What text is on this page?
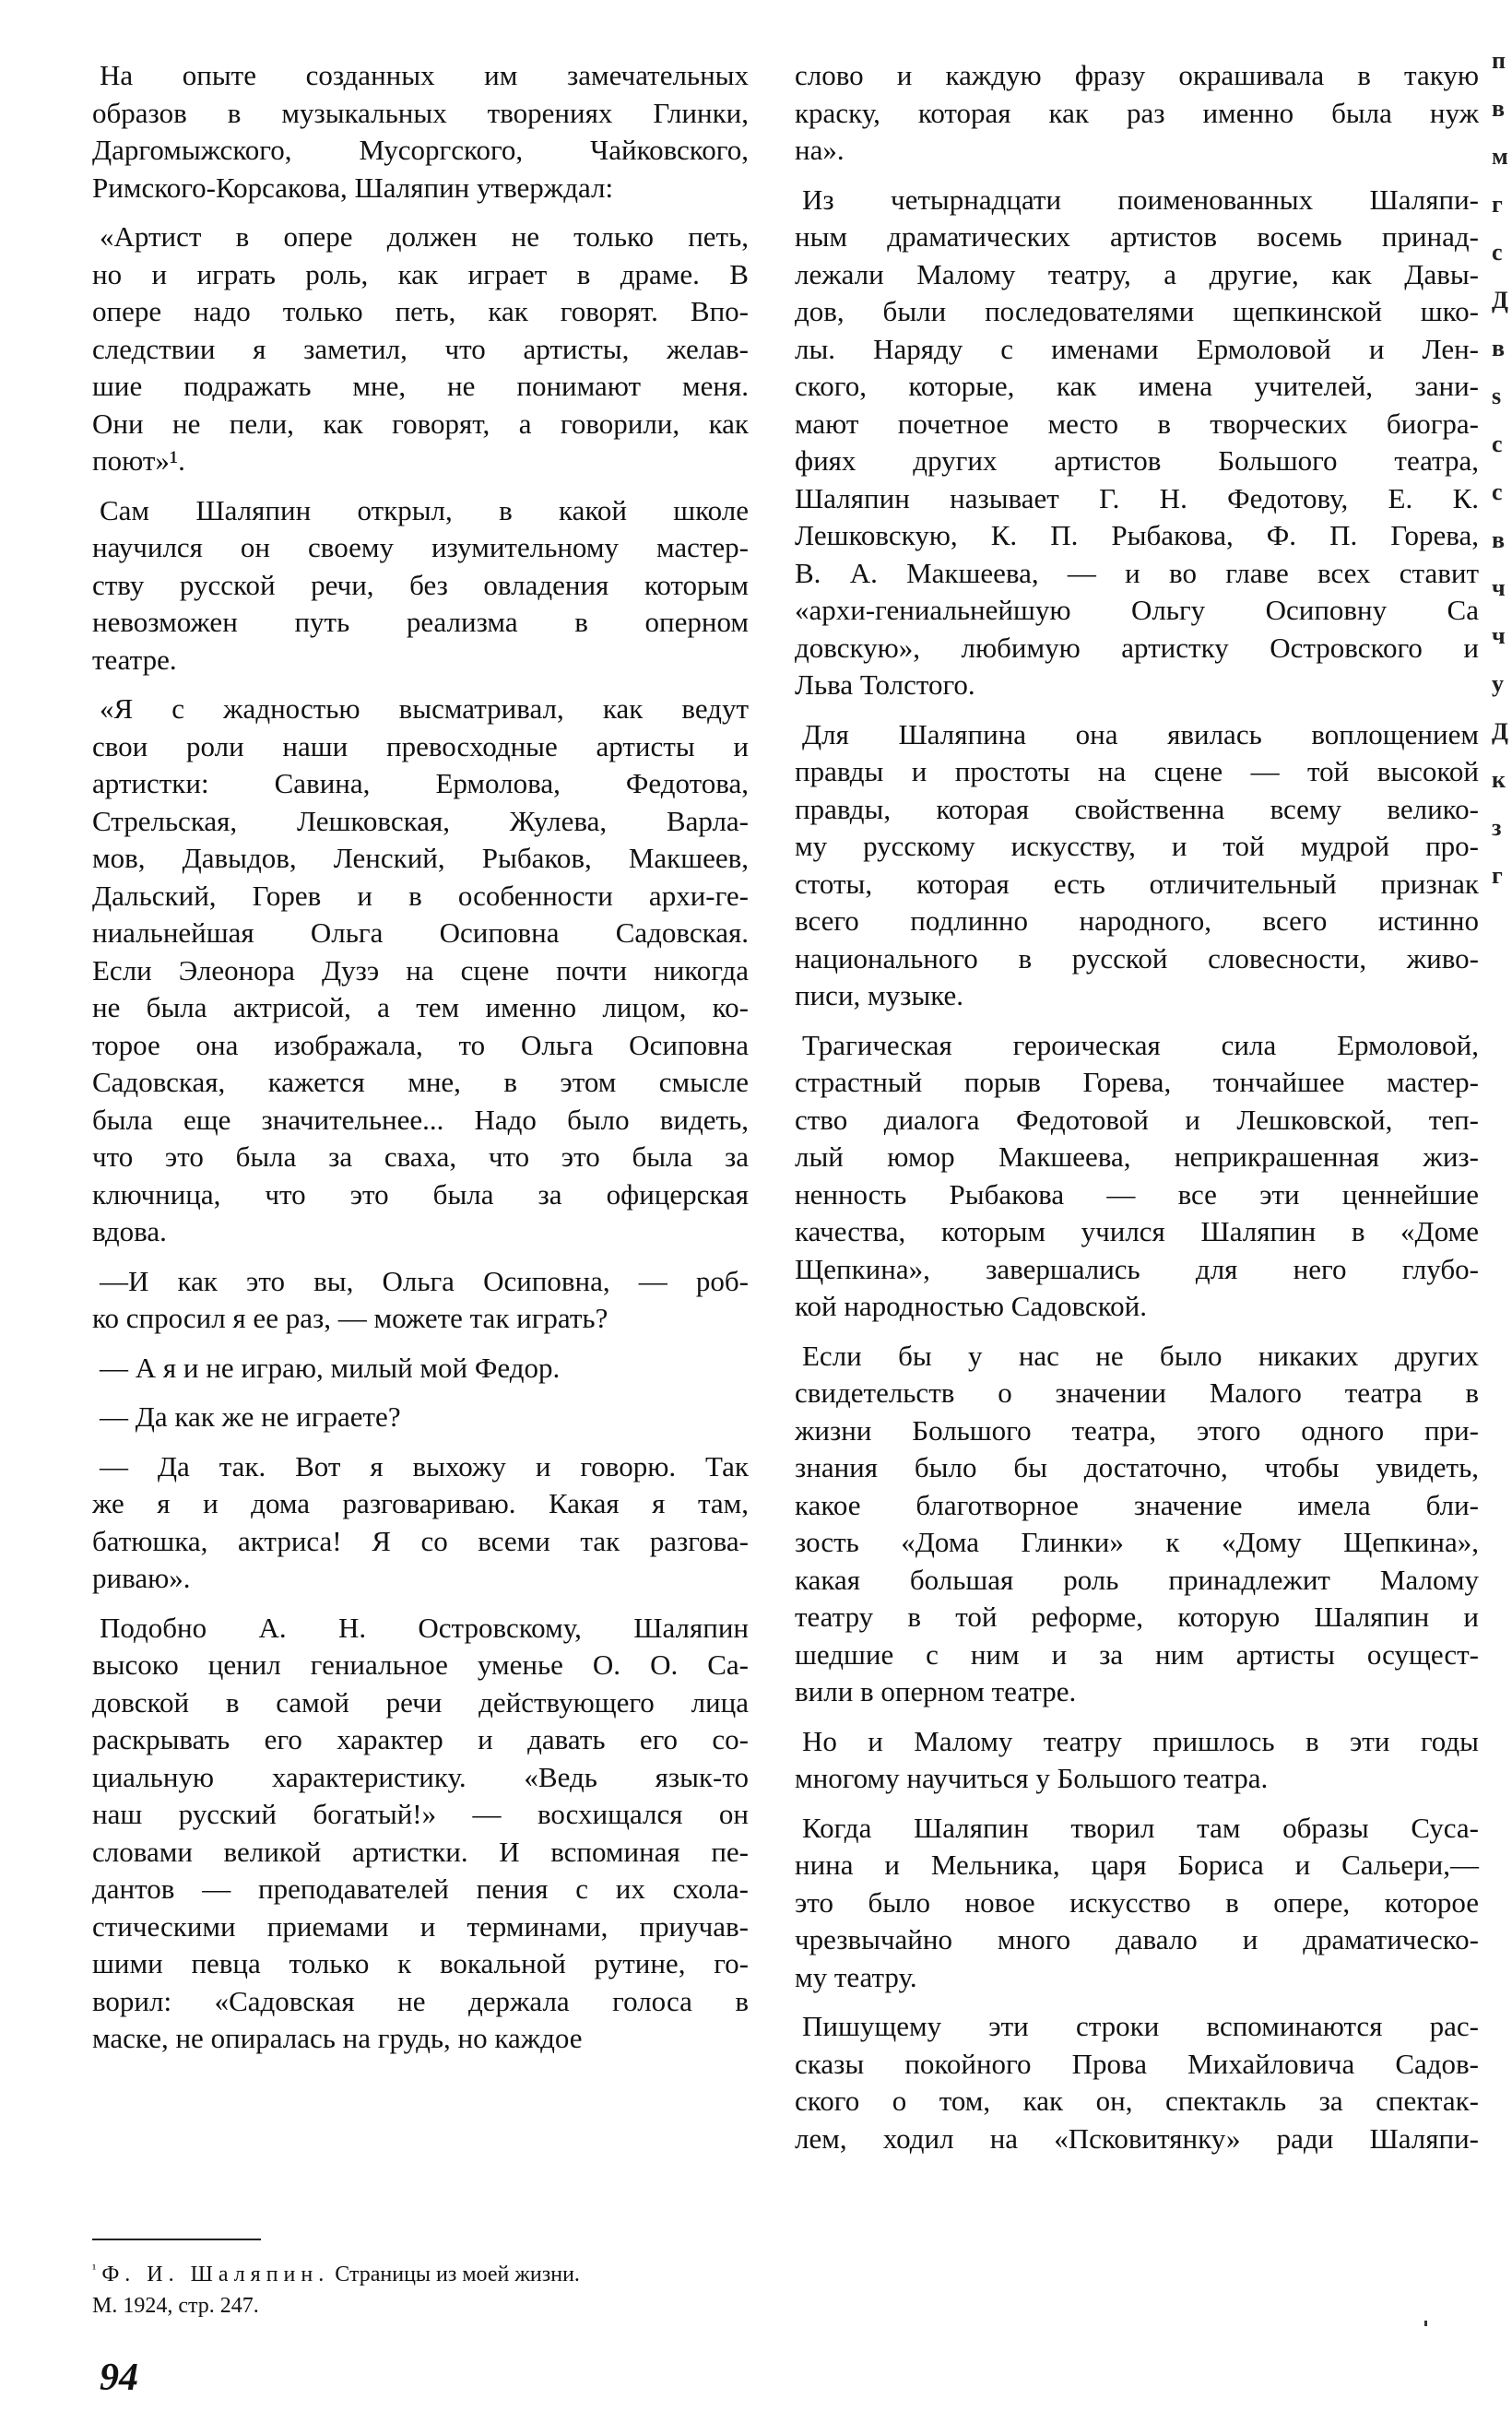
На опыте созданных им замечательных
образов в музыкальных творениях Глинки,
Даргомыжского, Мусоргского, Чайковского,
Римского-Корсакова, Шаляпин утверждал:
«Артист в опере должен не только петь,
но и играть роль, как играет в драме. В
опере надо только петь, как говорят. Впо-
следствии я заметил, что артисты, желав-
шие подражать мне, не понимают меня.
Они не пели, как говорят, а говорили, как
поют»¹.
Сам Шаляпин открыл, в какой школе
научился он своему изумительному мастер-
ству русской речи, без овладения которым
невозможен путь реализма в оперном
театре.
«Я с жадностью высматривал, как ведут
свои роли наши превосходные артисты и
артистки: Савина, Ермолова, Федотова,
Стрельская, Лешковская, Жулева, Варла-
мов, Давыдов, Ленский, Рыбаков, Макшеев,
Дальский, Горев и в особенности архи-ге-
ниальнейшая Ольга Осиповна Садовская.
Если Элеонора Дузэ на сцене почти никогда
не была актрисой, а тем именно лицом, ко-
торое она изображала, то Ольга Осиповна
Садовская, кажется мне, в этом смысле
была еще значительнее... Надо было видеть,
что это была за сваха, что это была за
ключница, что это была за офицерская
вдова.
—И как это вы, Ольга Осиповна, — роб-
ко спросил я ее раз, — можете так играть?
— А я и не играю, милый мой Федор.
— Да как же не играете?
— Да так. Вот я выхожу и говорю. Так
же я и дома разговариваю. Какая я там,
батюшка, актриса! Я со всеми так разгова-
риваю».
Подобно А. Н. Островскому, Шаляпин
высоко ценил гениальное уменье О. О. Са-
довской в самой речи действующего лица
раскрывать его характер и давать его со-
циальную характеристику. «Ведь язык-то
наш русский богатый!» — восхищался он
словами великой артистки. И вспоминая пе-
дантов — преподавателей пения с их схола-
стическими приемами и терминами, приучав-
шими певца только к вокальной рутине, го-
ворил: «Садовская не держала голоса в
маске, не опиралась на грудь, но каждое
слово и каждую фразу окрашивала в такую
краску, которая как раз именно была нуж
на».
Из четырнадцати поименованных Шаляпи-
ным драматических артистов восемь принад-
лежали Малому театру, а другие, как Давы-
дов, были последователями щепкинской шко-
лы. Наряду с именами Ермоловой и Лен-
ского, которые, как имена учителей, зани-
мают почетное место в творческих биогра-
фиях других артистов Большого театра,
Шаляпин называет Г. Н. Федотову, Е. К.
Лешковскую, К. П. Рыбакова, Ф. П. Горева,
В. А. Макшеева, — и во главе всех ставит
«архи-гениальнейшую Ольгу Осиповну Са
довскую», любимую артистку Островского и
Льва Толстого.
Для Шаляпина она явилась воплощением
правды и простоты на сцене — той высокой
правды, которая свойственна всему велико-
му русскому искусству, и той мудрой про-
стоты, которая есть отличительный признак
всего подлинно народного, всего истинно
национального в русской словесности, живо-
писи, музыке.
Трагическая героическая сила Ермоловой,
страстный порыв Горева, тончайшее мастер-
ство диалога Федотовой и Лешковской, теп-
лый юмор Макшеева, неприкрашенная жиз-
ненность Рыбакова — все эти ценнейшие
качества, которым учился Шаляпин в «Доме
Щепкина», завершались для него глубо-
кой народностью Садовской.
Если бы у нас не было никаких других
свидетельств о значении Малого театра в
жизни Большого театра, этого одного при-
знания было бы достаточно, чтобы увидеть,
какое благотворное значение имела бли-
зость «Дома Глинки» к «Дому Щепкина»,
какая большая роль принадлежит Малому
театру в той реформе, которую Шаляпин и
шедшие с ним и за ним артисты осущест-
вили в оперном театре.
Но и Малому театру пришлось в эти годы
многому научиться у Большого театра.
Когда Шаляпин творил там образы Суса-
нина и Мельника, царя Бориса и Сальери,—
это было новое искусство в опере, которое
чрезвычайно много давало и драматическо-
му театру.
Пишущему эти строки вспоминаются рас-
сказы покойного Прова Михайловича Садов-
ского о том, как он, спектакль за спектак-
лем, ходил на «Псковитянку» ради Шаляпи-
$^{^1}$ Ф. И. Шаляпин. Страницы из моей жизни.
М. 1924, стр. 247.
94
п
в
м
г
с
Д
в
s
с
с
в
ч
ч
у
Д
к
з
г
